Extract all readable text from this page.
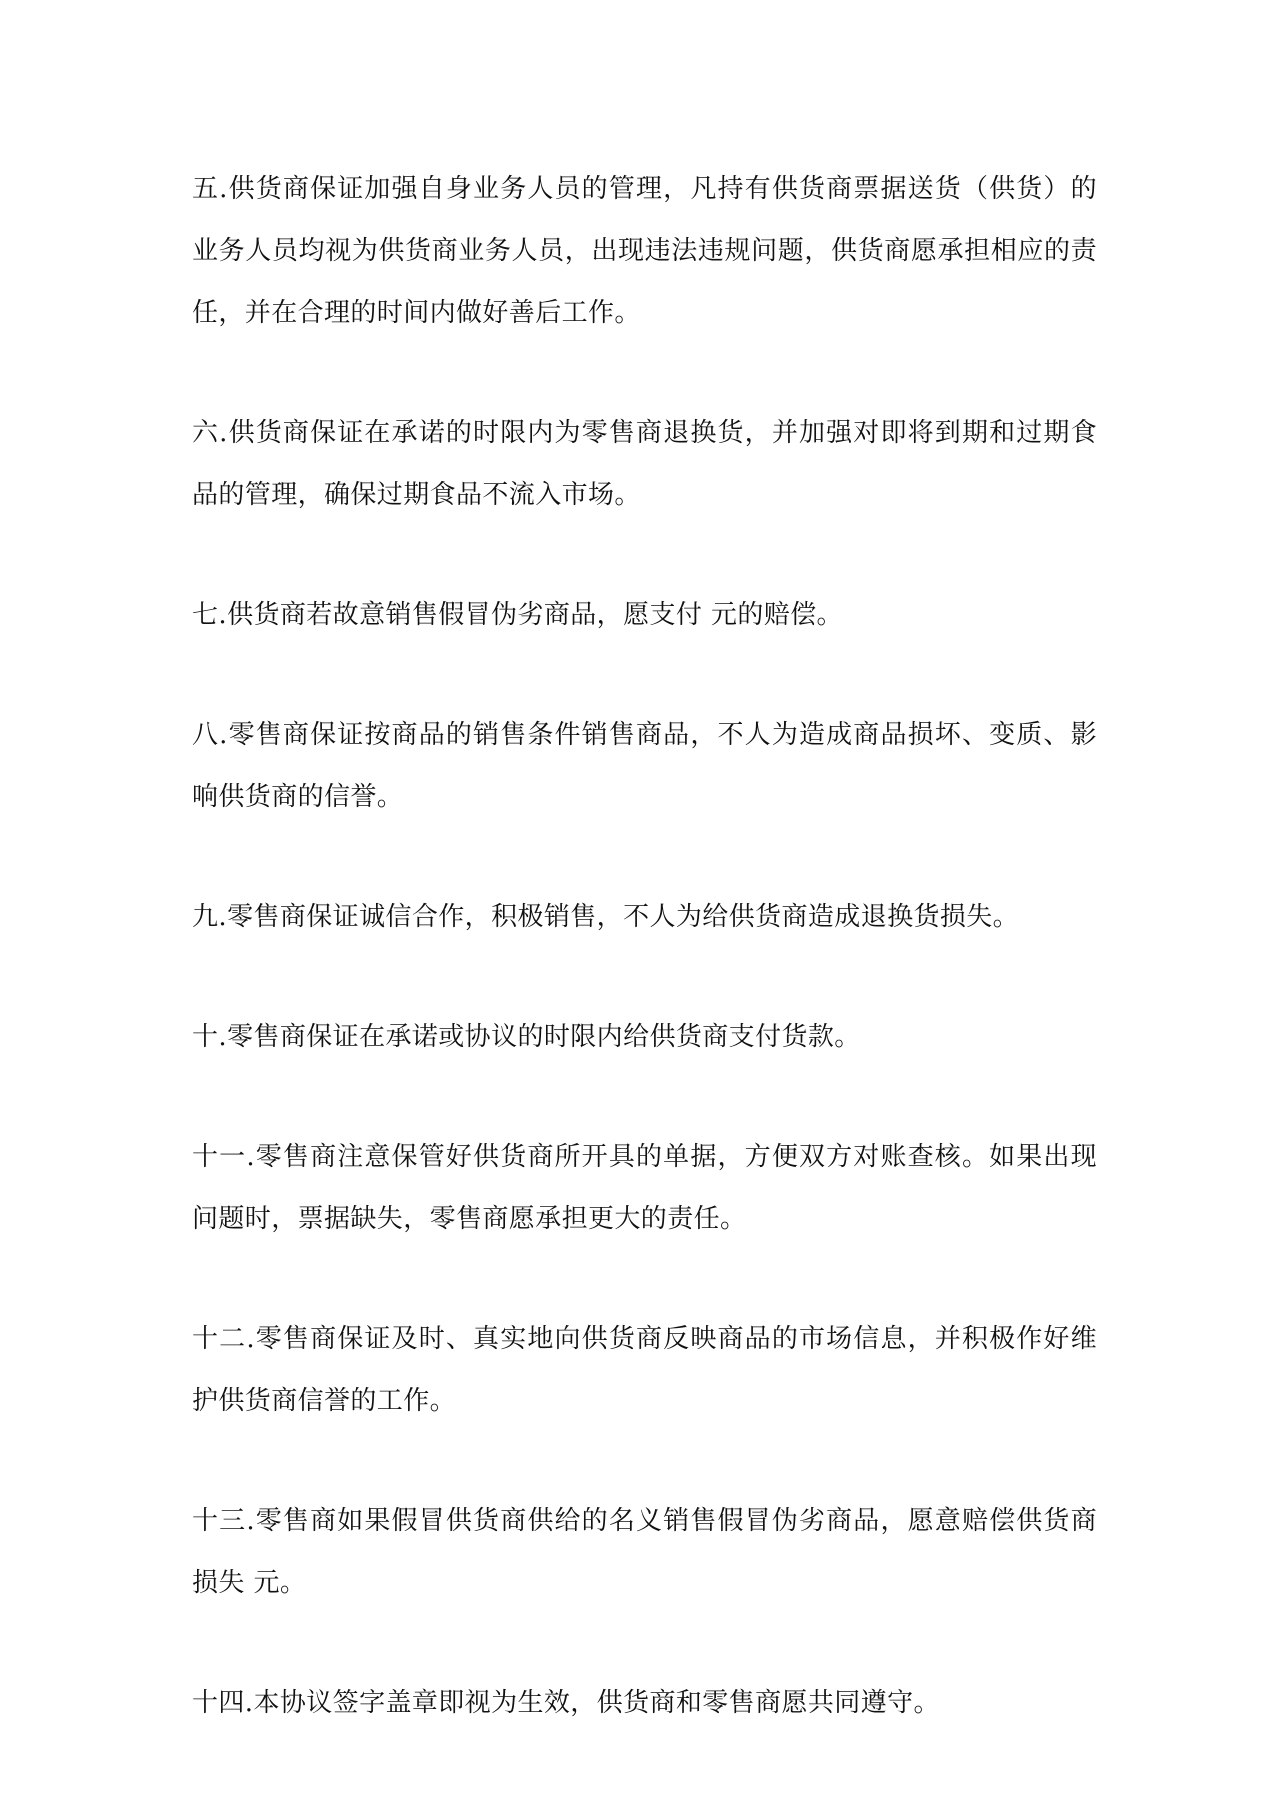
五.供货商保证加强自身业务人员的管理，凡持有供货商票据送货（供货）的业务人员均视为供货商业务人员，出现违法违规问题，供货商愿承担相应的责任，并在合理的时间内做好善后工作。

六.供货商保证在承诺的时限内为零售商退换货，并加强对即将到期和过期食品的管理，确保过期食品不流入市场。

七.供货商若故意销售假冒伪劣商品，愿支付 元的赔偿。

八.零售商保证按商品的销售条件销售商品，不人为造成商品损坏、变质、影响供货商的信誉。

九.零售商保证诚信合作，积极销售，不人为给供货商造成退换货损失。

十.零售商保证在承诺或协议的时限内给供货商支付货款。

十一.零售商注意保管好供货商所开具的单据，方便双方对账查核。如果出现问题时，票据缺失，零售商愿承担更大的责任。

十二.零售商保证及时、真实地向供货商反映商品的市场信息，并积极作好维护供货商信誉的工作。

十三.零售商如果假冒供货商供给的名义销售假冒伪劣商品，愿意赔偿供货商损失 元。

十四.本协议签字盖章即视为生效，供货商和零售商愿共同遵守。
